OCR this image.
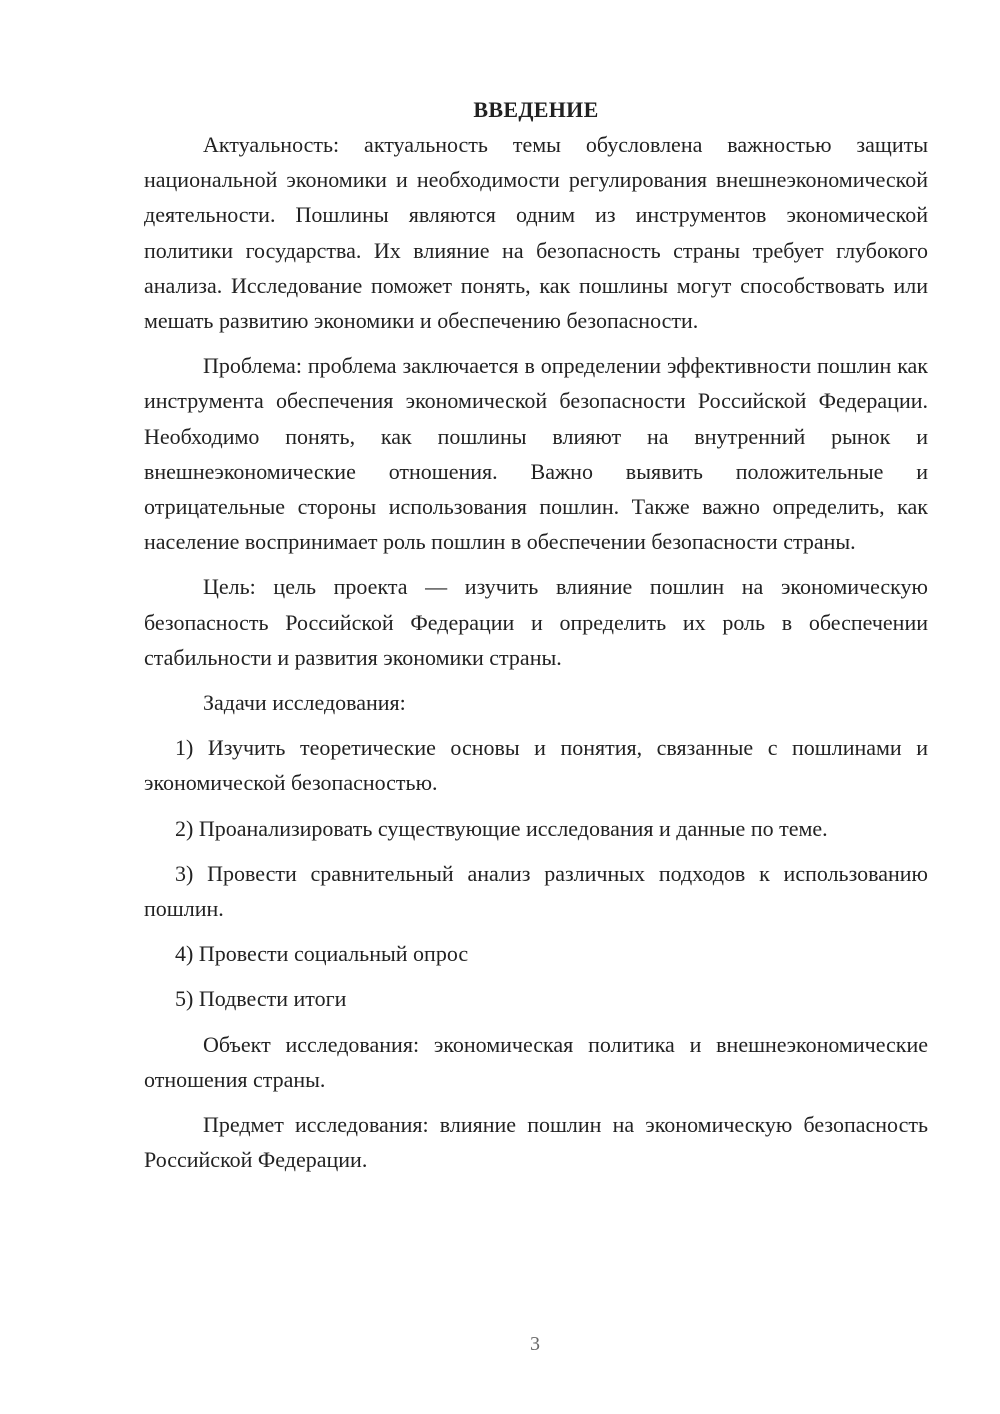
ВВЕДЕНИЕ

Актуальность: актуальность темы обусловлена важностью защиты национальной экономики и необходимости регулирования внешнеэкономической деятельности. Пошлины являются одним из инструментов экономической политики государства. Их влияние на безопасность страны требует глубокого анализа. Исследование поможет понять, как пошлины могут способствовать или мешать развитию экономики и обеспечению безопасности.

Проблема: проблема заключается в определении эффективности пошлин как инструмента обеспечения экономической безопасности Российской Федерации. Необходимо понять, как пошлины влияют на внутренний рынок и внешнеэкономические отношения. Важно выявить положительные и отрицательные стороны использования пошлин. Также важно определить, как население воспринимает роль пошлин в обеспечении безопасности страны.

Цель: цель проекта — изучить влияние пошлин на экономическую безопасность Российской Федерации и определить их роль в обеспечении стабильности и развития экономики страны.

Задачи исследования:

1) Изучить теоретические основы и понятия, связанные с пошлинами и экономической безопасностью.

2) Проанализировать существующие исследования и данные по теме.

3) Провести сравнительный анализ различных подходов к использованию пошлин.

4) Провести социальный опрос

5) Подвести итоги

Объект исследования: экономическая политика и внешнеэкономические отношения страны.

Предмет исследования: влияние пошлин на экономическую безопасность Российской Федерации.

3
